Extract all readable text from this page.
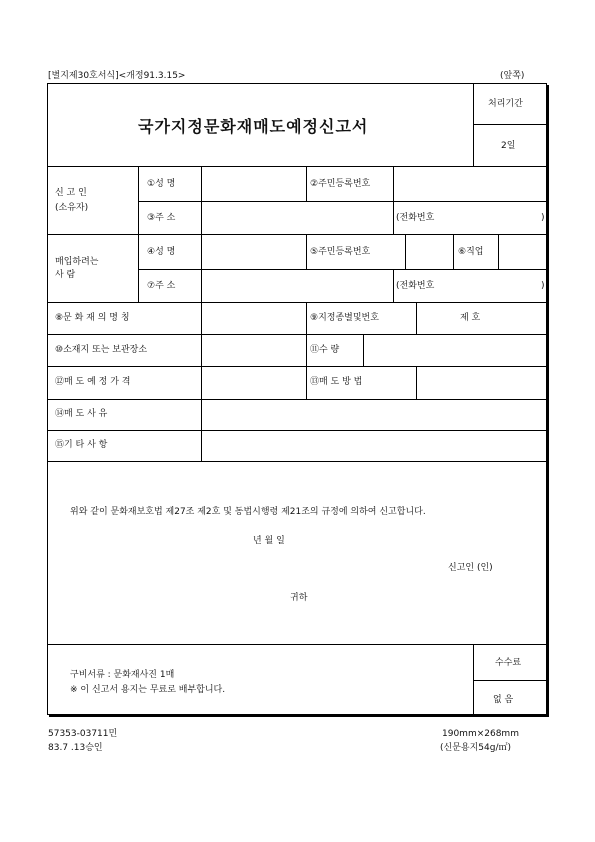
[별지제30호서식]<개정91.3.15>	(앞쪽)
국가지정문화재매도예정신고서
처리기간
2일
신 고 인
(소유자)
①성 명	②주민등록번호
③주 소	(전화번호	)
매입하려는
사 람
④성 명	⑤주민등록번호	⑥직업
⑦주 소	(전화번호	)
⑧문 화 재 의 명 칭	⑨지정종별및번호	제 호
⑩소재지 또는 보관장소	⑪수 량
⑫매 도 예 정 가 격	⑬매 도 방 법
⑭매 도 사 유
⑮기 타 사 항
위와 같이 문화재보호법 제27조 제2호 및 동법시행령 제21조의 규정에 의하여 신고합니다.
년 월 일
신고인 (인)
귀하
구비서류 : 문화재사진 1매
※ 이 신고서 용지는 무료로 배부합니다.
수수료
없 음
57353-03711민
83.7 .13승인
190mm×268mm
(신문용지54g/㎡)
